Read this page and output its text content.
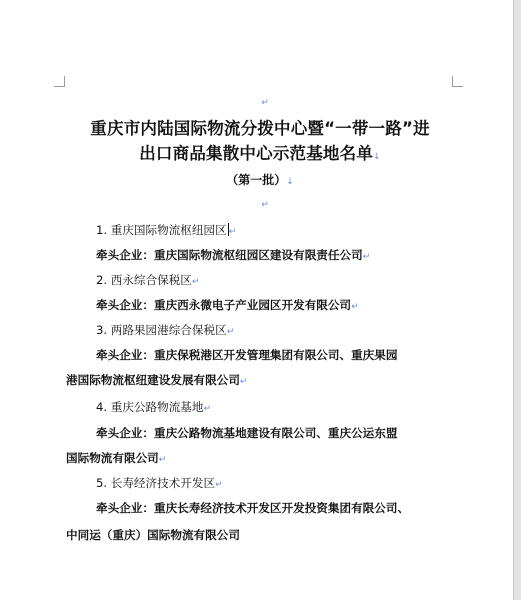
↵
重庆市内陆国际物流分拨中心暨“一带一路”进
出口商品集散中心示范基地名单↓
（第一批）↓
↵
1. 重庆国际物流枢纽园区 ↵
牵头企业：重庆国际物流枢纽园区建设有限责任公司↵
2. 西永综合保税区↵
牵头企业：重庆西永微电子产业园区开发有限公司↵
3. 两路果园港综合保税区↵
牵头企业：重庆保税港区开发管理集团有限公司、重庆果园
港国际物流枢纽建设发展有限公司↵
4. 重庆公路物流基地↵
牵头企业：重庆公路物流基地建设有限公司、重庆公运东盟
国际物流有限公司↵
5. 长寿经济技术开发区↵
牵头企业：重庆长寿经济技术开发区开发投资集团有限公司、
中同运（重庆）国际物流有限公司
